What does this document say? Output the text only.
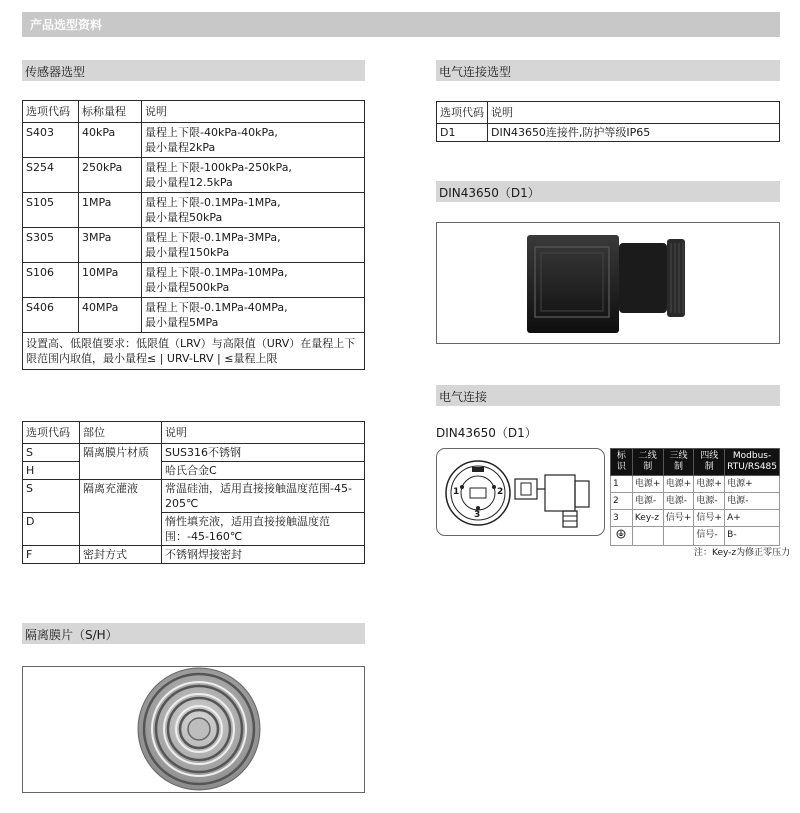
产品选型资料
传感器选型
选项代码	标称量程	说明
S403	40kPa	量程上下限-40kPa-40kPa,
最小量程2kPa

S254	250kPa	量程上下限-100kPa-250kPa,
最小量程12.5kPa

S105	1MPa	量程上下限-0.1MPa-1MPa,
最小量程50kPa

S305	3MPa	量程上下限-0.1MPa-3MPa,
最小量程150kPa

S106	10MPa	量程上下限-0.1MPa-10MPa,
最小量程500kPa

S406	40MPa	量程上下限-0.1MPa-40MPa,
最小量程5MPa

设置高、低限值要求：低限值（LRV）与高限值（URV）在量程上下限范围内取值，最小量程≤ | URV-LRV | ≤量程上限		
选项代码	部位	说明
S	隔离膜片材质	SUS316不锈钢
H		哈氏合金C
S	隔离充灌液	常温硅油，适用直接接触温度范围-45-205℃
D		惰性填充液，适用直接接触温度范围：-45-160℃
F	密封方式	不锈钢焊接密封
隔离膜片（S/H）
电气连接选型
选项代码	说明
D1	DIN43650连接件,防护等级IP65
DIN43650（D1）
电气连接
DIN43650（D1）
1	2
3
标识	二线制	三线制	四线制	Modbus-RTU/RS485
1	电源+	电源+	电源+	电源+
2	电源-	电源-	电源-	电源-
3	Key-z	信号+	信号+	A+
			信号-	B-
注：Key-z为修正零压力
